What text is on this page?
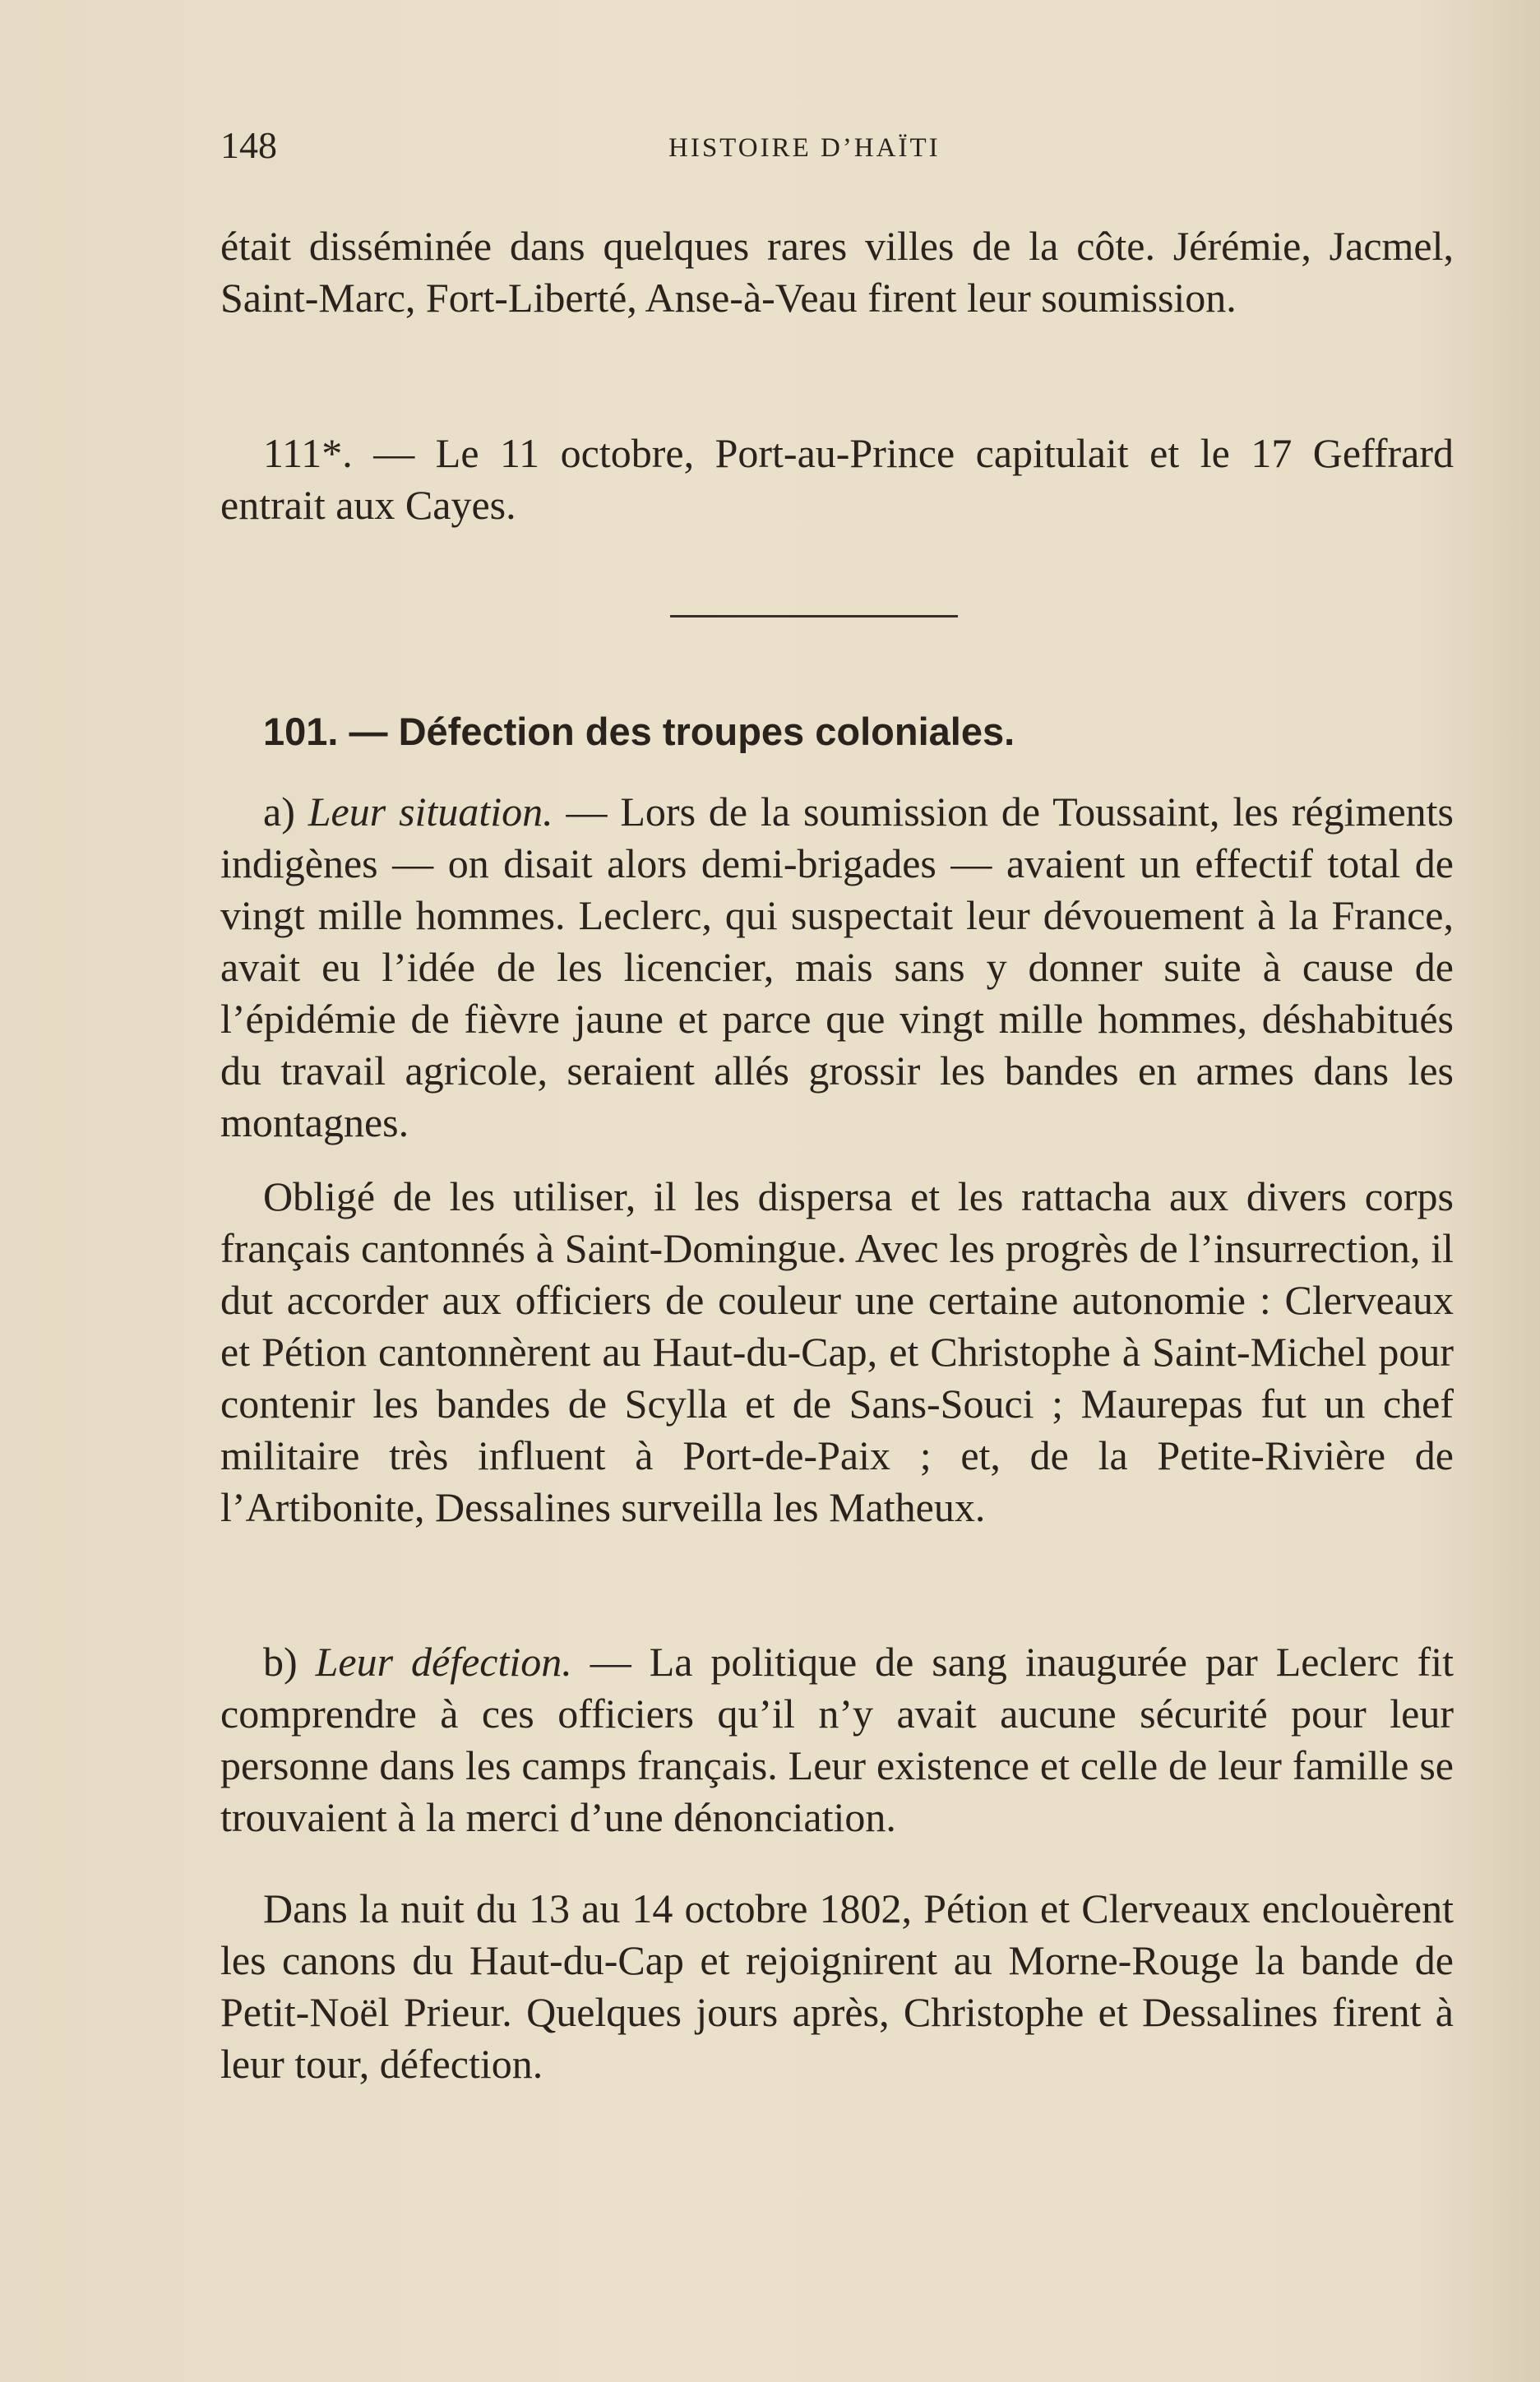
148	HISTOIRE D’HAÏTI

était disséminée dans quelques rares villes de la côte. Jérémie, Jacmel, Saint-Marc, Fort-Liberté, Anse-à-Veau firent leur soumission.

111*. — Le 11 octobre, Port-au-Prince capitulait et le 17 Geffrard entrait aux Cayes.

101. — Défection des troupes coloniales.

a) Leur situation. — Lors de la soumission de Toussaint, les régiments indigènes — on disait alors demi-brigades — avaient un effectif total de vingt mille hommes. Leclerc, qui suspectait leur dévouement à la France, avait eu l’idée de les licencier, mais sans y donner suite à cause de l’épidémie de fièvre jaune et parce que vingt mille hommes, déshabitués du travail agricole, seraient allés grossir les bandes en armes dans les montagnes.

Obligé de les utiliser, il les dispersa et les rattacha aux divers corps français cantonnés à Saint-Domingue. Avec les progrès de l’insurrection, il dut accorder aux officiers de couleur une certaine autonomie : Clerveaux et Pétion cantonnèrent au Haut-du-Cap, et Christophe à Saint-Michel pour contenir les bandes de Scylla et de Sans-Souci ; Maurepas fut un chef militaire très influent à Port-de-Paix ; et, de la Petite-Rivière de l’Artibonite, Dessalines surveilla les Matheux.

b) Leur défection. — La politique de sang inaugurée par Leclerc fit comprendre à ces officiers qu’il n’y avait aucune sécurité pour leur personne dans les camps français. Leur existence et celle de leur famille se trouvaient à la merci d’une dénonciation.

Dans la nuit du 13 au 14 octobre 1802, Pétion et Clerveaux enclouèrent les canons du Haut-du-Cap et rejoignirent au Morne-Rouge la bande de Petit-Noël Prieur. Quelques jours après, Christophe et Dessalines firent à leur tour, défection.
